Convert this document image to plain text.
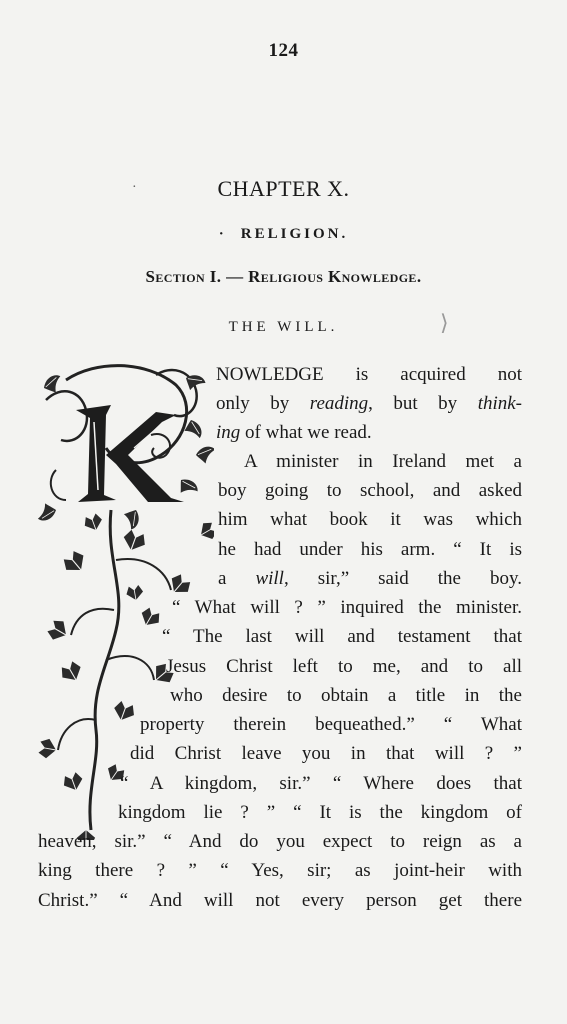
124
CHAPTER X.
· RELIGION.
Section I. — Religious Knowledge.
THE WILL.
·
⟩
NOWLEDGE is acquired not
only by reading, but by think-
ing of what we read.
A minister in Ireland met a
boy going to school, and asked
him what book it was which
he had under his arm. “ It is
a will, sir,” said the boy.
“ What will ? ” inquired the minister.
“ The last will and testament that
Jesus Christ left to me, and to all
who desire to obtain a title in the
property therein bequeathed.” “ What
did Christ leave you in that will ? ”
“ A kingdom, sir.” “ Where does that
kingdom lie ? ” “ It is the kingdom of
heaven, sir.” “ And do you expect to reign as a
king there ? ” “ Yes, sir; as joint-heir with
Christ.” “ And will not every person get there
